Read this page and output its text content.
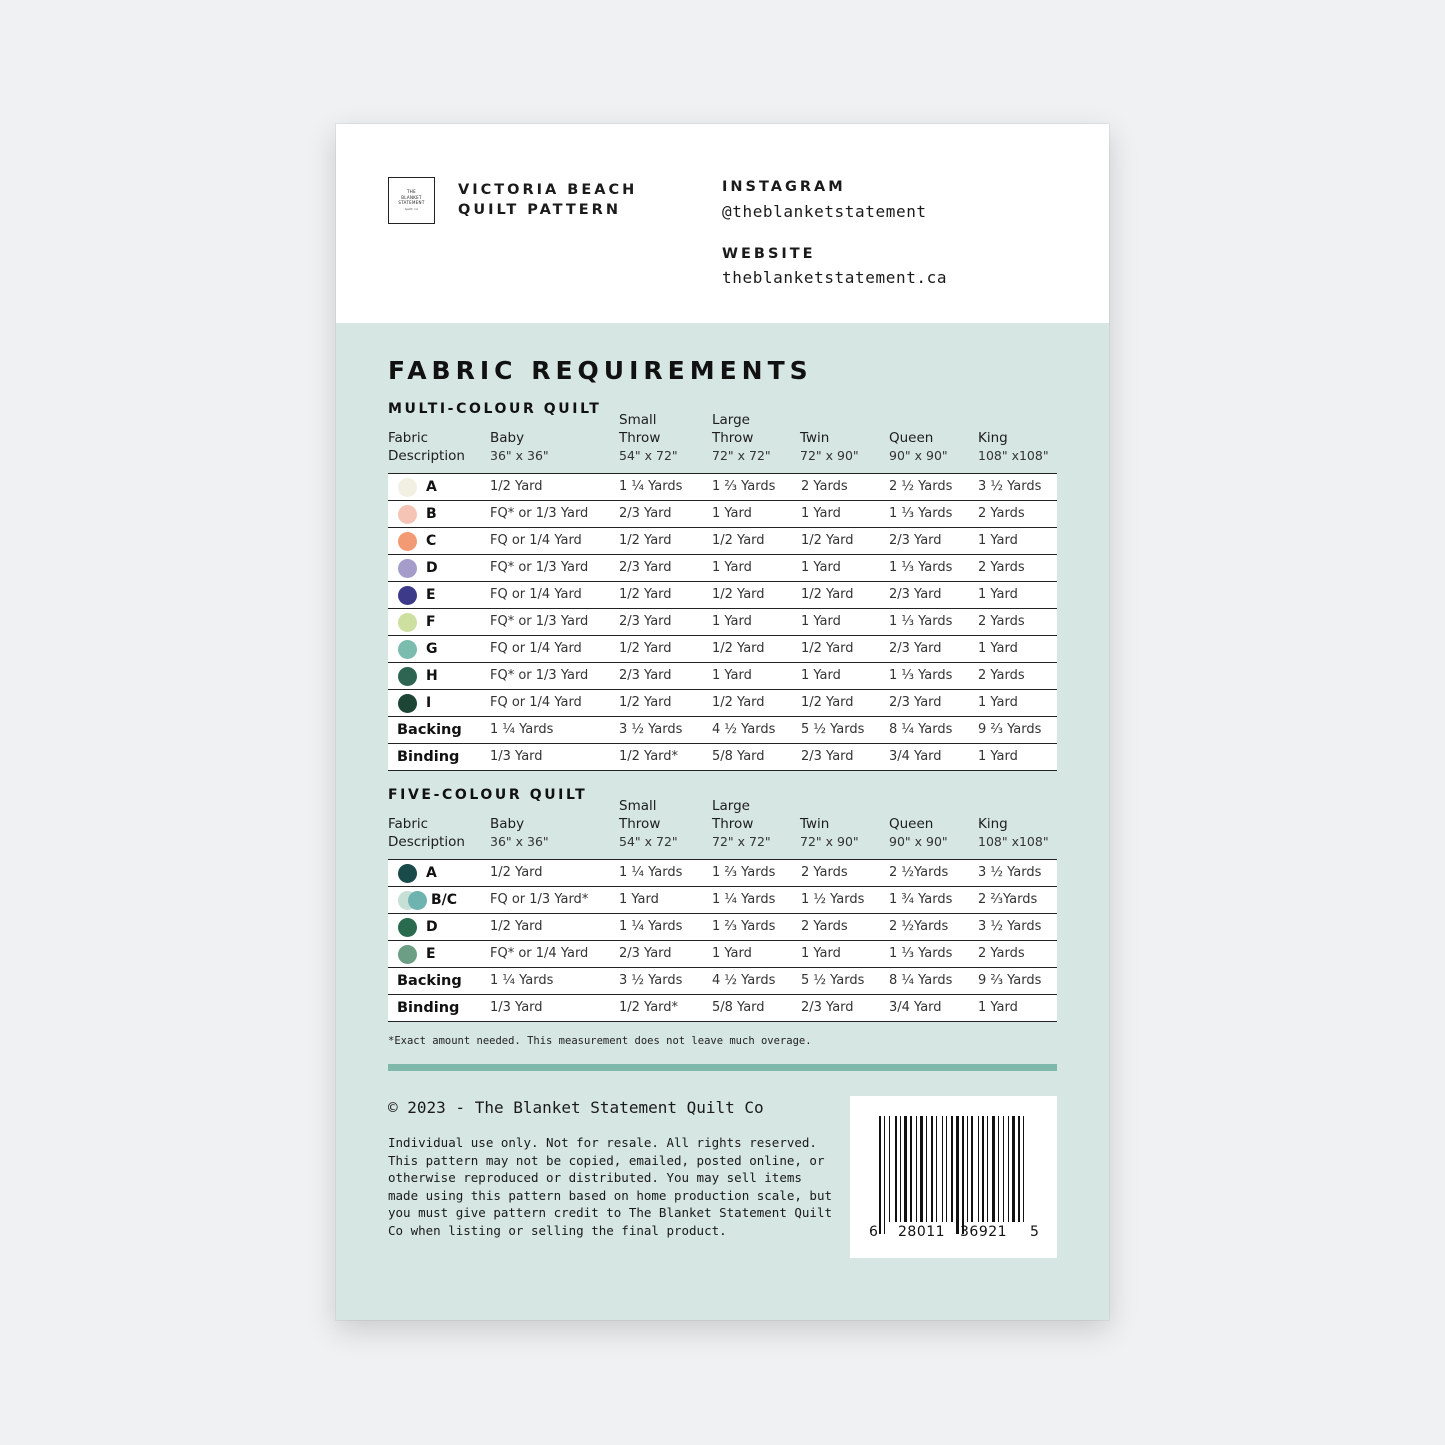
THE
BLANKET
STATEMENT
quilt co
VICTORIA BEACH
QUILT PATTERN
INSTAGRAM
@theblanketstatement
WEBSITE
theblanketstatement.ca
FABRIC REQUIREMENTS
MULTI-COLOUR QUILT
Fabric
Description
Baby
36" x 36"
Small
Throw
54" x 72"
Large
Throw
72" x 72"
Twin
72" x 90"
Queen
90" x 90"
King
108" x108"
A	1/2 Yard	1 ¼ Yards 1 ⅔ Yards 2 Yards	2 ½ Yards 3 ½ Yards
B	FQ* or 1/3 Yard 2/3 Yard	1 Yard	1 Yard	1 ⅓ Yards 2 Yards
C	FQ or 1/4 Yard	1/2 Yard	1/2 Yard	1/2 Yard	2/3 Yard	1 Yard
D	FQ* or 1/3 Yard 2/3 Yard	1 Yard	1 Yard	1 ⅓ Yards 2 Yards
E	FQ or 1/4 Yard	1/2 Yard	1/2 Yard	1/2 Yard	2/3 Yard	1 Yard
F	FQ* or 1/3 Yard 2/3 Yard	1 Yard	1 Yard	1 ⅓ Yards 2 Yards
G	FQ or 1/4 Yard	1/2 Yard	1/2 Yard	1/2 Yard	2/3 Yard	1 Yard
H	FQ* or 1/3 Yard 2/3 Yard	1 Yard	1 Yard	1 ⅓ Yards 2 Yards
I	FQ or 1/4 Yard	1/2 Yard	1/2 Yard	1/2 Yard	2/3 Yard	1 Yard
Backing 1 ¼ Yards	3 ½ Yards 4 ½ Yards 5 ½ Yards 8 ¼ Yards 9 ⅔ Yards
Binding 1/3 Yard	1/2 Yard*	5/8 Yard	2/3 Yard	3/4 Yard	1 Yard
FIVE-COLOUR QUILT
Fabric
Description
Baby
36" x 36"
Small
Throw
54" x 72"
Large
Throw
72" x 72"
Twin
72" x 90"
Queen
90" x 90"
King
108" x108"
A	1/2 Yard	1 ¼ Yards 1 ⅔ Yards 2 Yards	2 ½Yards 3 ½ Yards
B/C	FQ or 1/3 Yard* 1 Yard	1 ¼ Yards 1 ½ Yards 1 ¾ Yards 2 ⅔Yards
D	1/2 Yard	1 ¼ Yards 1 ⅔ Yards 2 Yards	2 ½Yards 3 ½ Yards
E	FQ* or 1/4 Yard 2/3 Yard	1 Yard	1 Yard	1 ⅓ Yards 2 Yards
Backing 1 ¼ Yards	3 ½ Yards 4 ½ Yards 5 ½ Yards 8 ¼ Yards 9 ⅔ Yards
Binding 1/3 Yard	1/2 Yard*	5/8 Yard	2/3 Yard	3/4 Yard	1 Yard
*Exact amount needed. This measurement does not leave much overage.
© 2023 - The Blanket Statement Quilt Co

Individual use only. Not for resale. All rights reserved. This pattern may not be copied, emailed, posted online, or otherwise reproduced or distributed. You may sell items made using this pattern based on home production scale, but you must give pattern credit to The Blanket Statement Quilt Co when listing or selling the final product.	6 28011 36921 5
